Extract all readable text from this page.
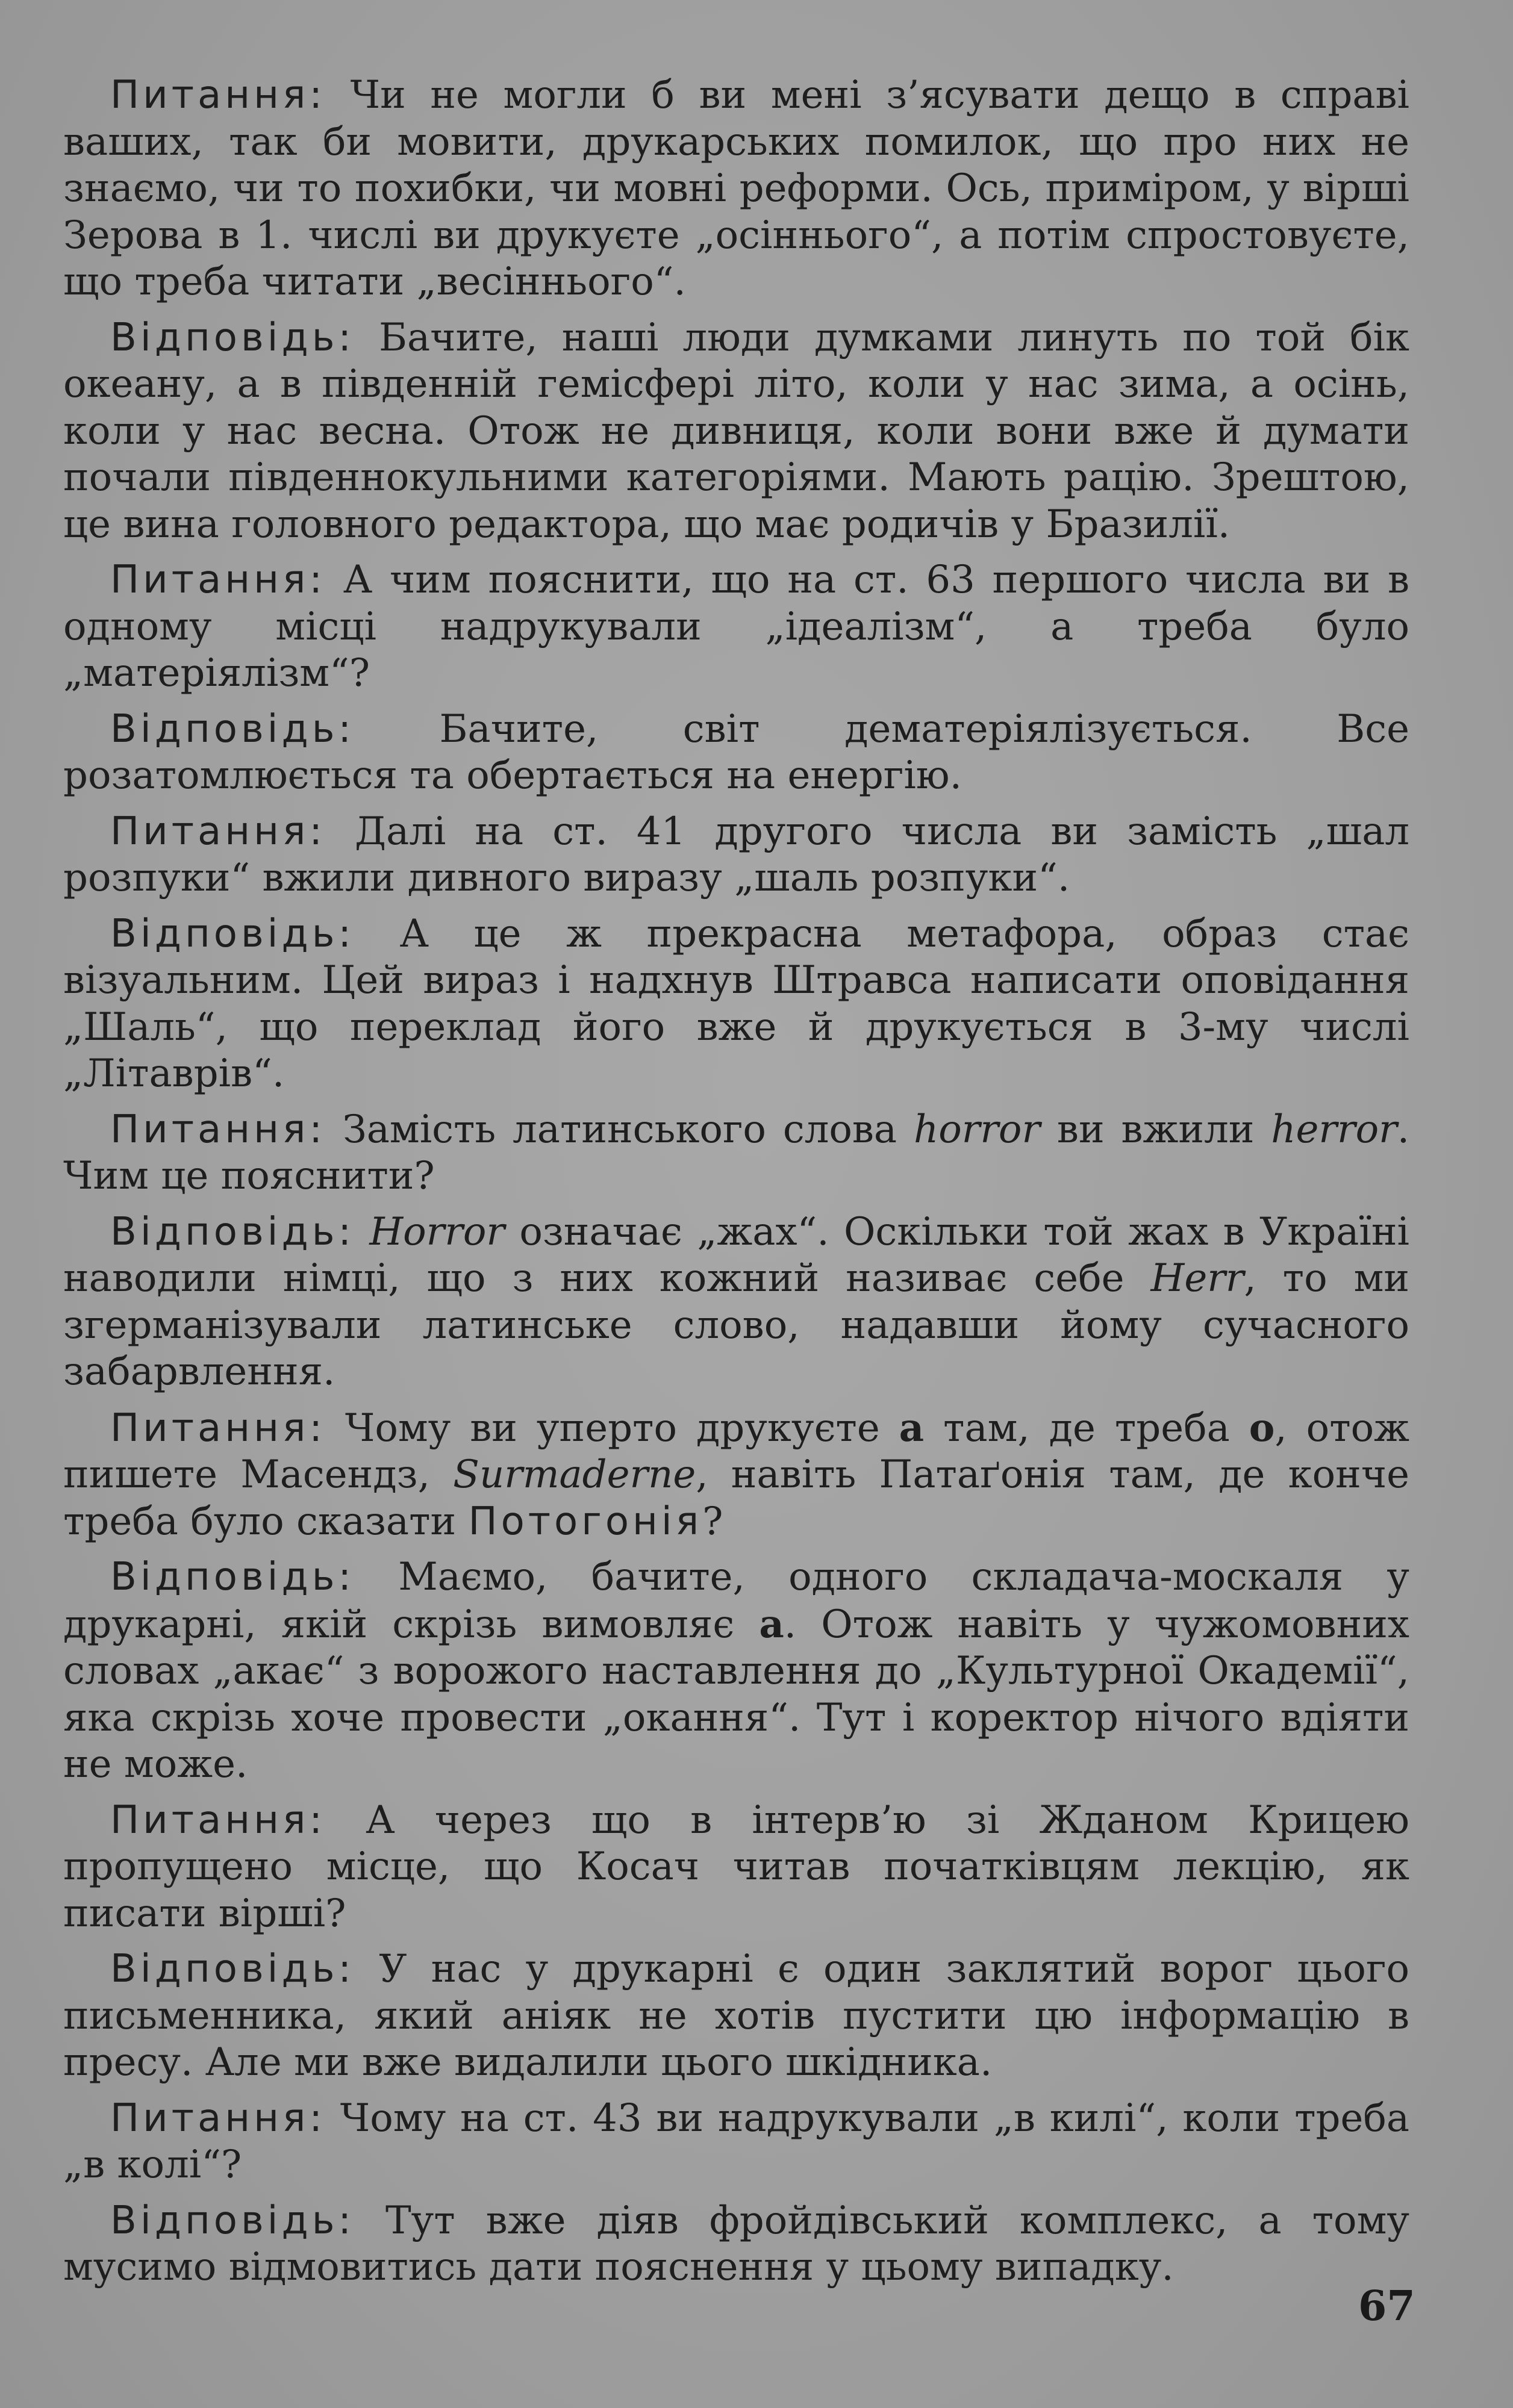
Питання: Чи не могли б ви мені з’ясувати дещо в справі ваших, так би мовити, друкарських помилок, що про них не знаємо, чи то похибки, чи мовні реформи. Ось, приміром, у вірші Зерова в 1. числі ви друкуєте „осіннього“, а потім спростовуєте, що треба читати „весіннього“.

Відповідь: Бачите, наші люди думками линуть по той бік океану, а в південній гемісфері літо, коли у нас зима, а осінь, коли у нас весна. Отож не дивниця, коли вони вже й думати почали південнокульними категоріями. Мають рацію. Зрештою, це вина головного редактора, що має родичів у Бразилії.

Питання: А чим пояснити, що на ст. 63 першого числа ви в одному місці надрукували „ідеалізм“, а треба було „матеріялізм“?

Відповідь: Бачите, світ дематеріялізується. Все розатомлюється та обертається на енергію.

Питання: Далі на ст. 41 другого числа ви замість „шал розпуки“ вжили дивного виразу „шаль розпуки“.

Відповідь: А це ж прекрасна метафора, образ стає візуальним. Цей вираз і надхнув Штравса написати оповідання „Шаль“, що переклад його вже й друкується в 3-му числі „Літаврів“.

Питання: Замість латинського слова horror ви вжили herror. Чим це пояснити?

Відповідь: Horror означає „жах“. Оскільки той жах в Україні наводили німці, що з них кожний називає себе Herr, то ми згерманізували латинське слово, надавши йому сучасного забарвлення.

Питання: Чому ви уперто друкуєте а там, де треба о, отож пишете Масендз, Surmaderne, навіть Патаґонія там, де конче треба було сказати Потогонія?

Відповідь: Маємо, бачите, одного складача-москаля у друкарні, якій скрізь вимовляє а. Отож навіть у чужомовних словах „акає“ з ворожого наставлення до „Культурної Окадемії“, яка скрізь хоче провести „окання“. Тут і коректор нічого вдіяти не може.

Питання: А через що в інтерв’ю зі Жданом Крицею пропущено місце, що Косач читав початківцям лекцію, як писати вірші?

Відповідь: У нас у друкарні є один заклятий ворог цього письменника, який аніяк не хотів пустити цю інформацію в пресу. Але ми вже видалили цього шкідника.

Питання: Чому на ст. 43 ви надрукували „в килі“, коли треба „в колі“?

Відповідь: Тут вже діяв фройдівський комплекс, а тому мусимо відмовитись дати пояснення у цьому випадку.

67
